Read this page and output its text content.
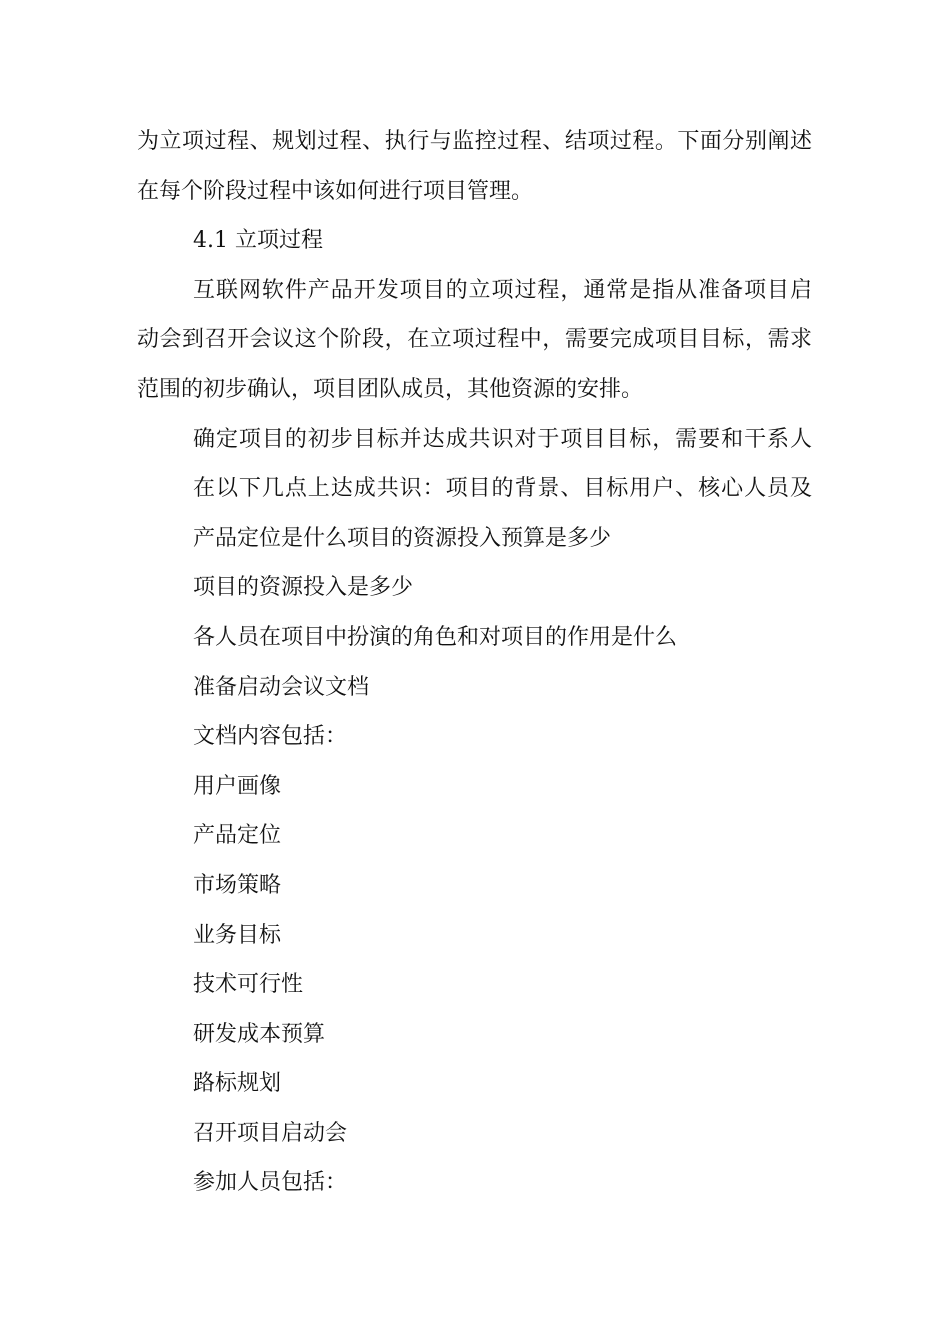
为立项过程、规划过程、执行与监控过程、结项过程。下面分别阐述
在每个阶段过程中该如何进行项目管理。
4.1 立项过程
互联网软件产品开发项目的立项过程，通常是指从准备项目启
动会到召开会议这个阶段，在立项过程中，需要完成项目目标，需求
范围的初步确认，项目团队成员，其他资源的安排。
确定项目的初步目标并达成共识对于项目目标，需要和干系人
在以下几点上达成共识：项目的背景、目标用户、核心人员及
产品定位是什么项目的资源投入预算是多少
项目的资源投入是多少
各人员在项目中扮演的角色和对项目的作用是什么
准备启动会议文档
文档内容包括：
用户画像
产品定位
市场策略
业务目标
技术可行性
研发成本预算
路标规划
召开项目启动会
参加人员包括：
